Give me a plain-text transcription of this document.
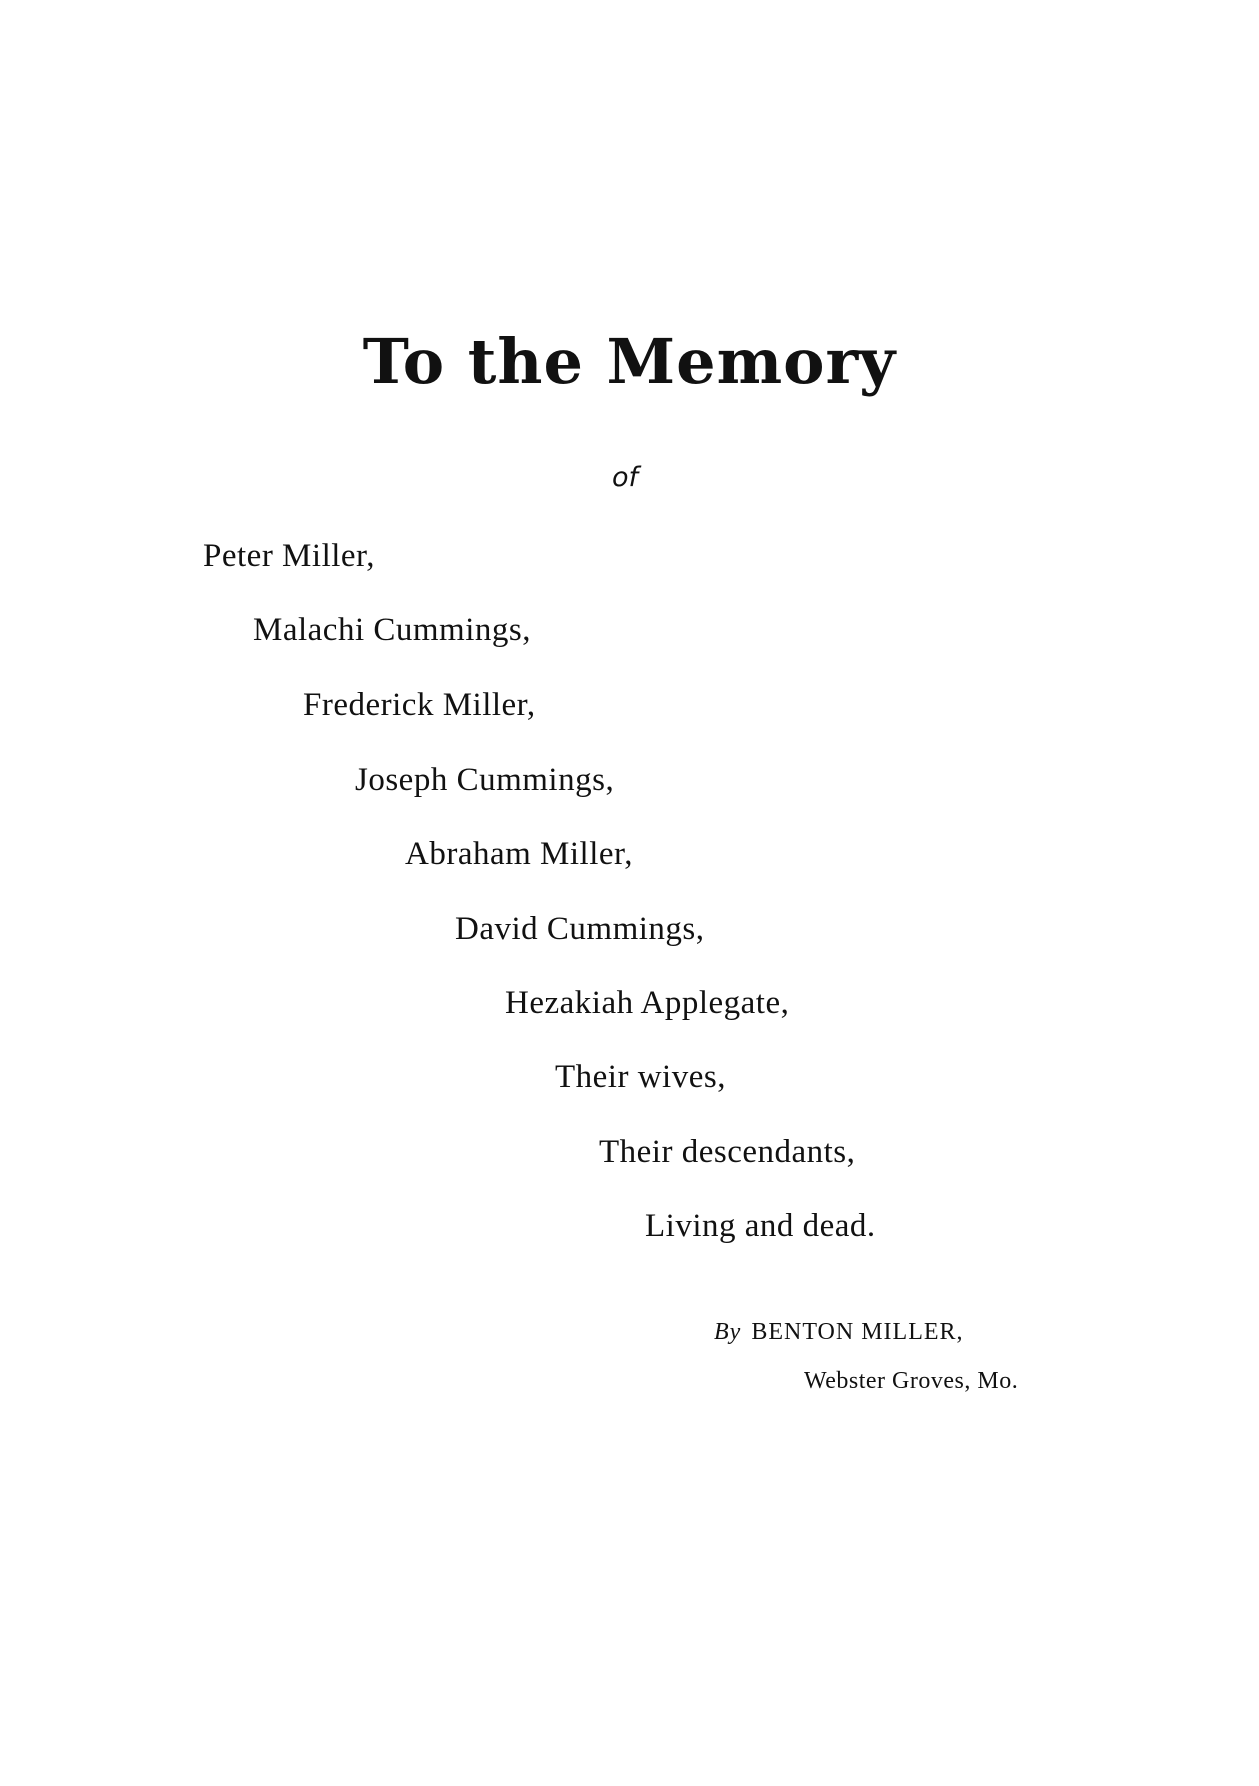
To the Memory
of
Peter Miller,
Malachi Cummings,
Frederick Miller,
Joseph Cummings,
Abraham Miller,
David Cummings,
Hezakiah Applegate,
Their wives,
Their descendants,
Living and dead.
By BENTON MILLER,
Webster Groves, Mo.
